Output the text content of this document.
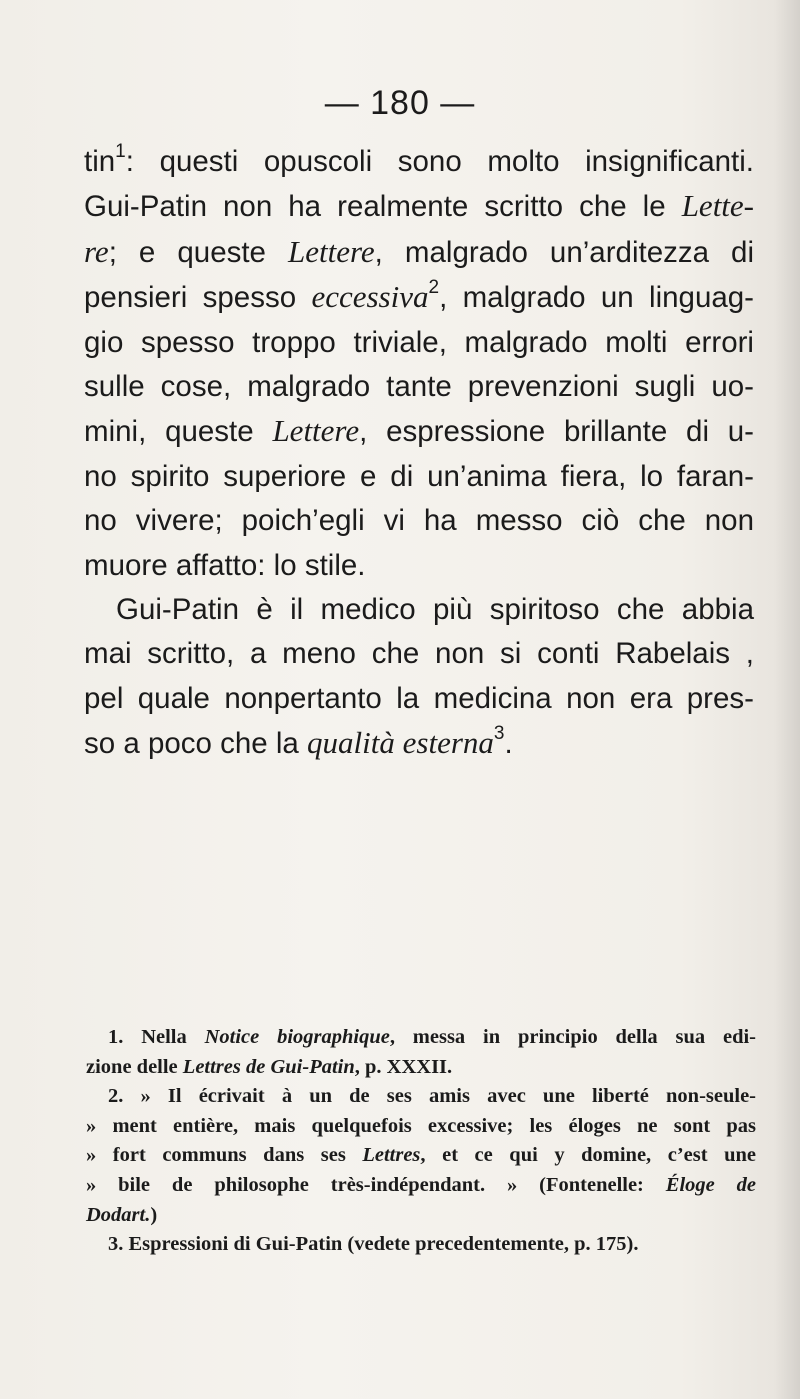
— 180 —
tin$^1$: questi opuscoli sono molto insignificanti.
Gui-Patin non ha realmente scritto che le Lette-
re; e queste Lettere, malgrado un’arditezza di
pensieri spesso eccessiva$^2$, malgrado un linguag-
gio spesso troppo triviale, malgrado molti errori
sulle cose, malgrado tante prevenzioni sugli uo-
mini, queste Lettere, espressione brillante di u-
no spirito superiore e di un’anima fiera, lo faran-
no vivere; poich’egli vi ha messo ciò che non
muore affatto: lo stile.
Gui-Patin è il medico più spiritoso che abbia
mai scritto, a meno che non si conti Rabelais ,
pel quale nonpertanto la medicina non era pres-
so a poco che la qualità esterna$^3$.
1. Nella Notice biographique, messa in principio della sua edi-
zione delle Lettres de Gui-Patin, p. XXXII.
2. » Il écrivait à un de ses amis avec une liberté non-seule-
» ment entière, mais quelquefois excessive; les éloges ne sont pas
» fort communs dans ses Lettres, et ce qui y domine, c’est une
» bile de philosophe très-indépendant. » (Fontenelle: Éloge de
Dodart.)
3. Espressioni di Gui-Patin (vedete precedentemente, p. 175).
